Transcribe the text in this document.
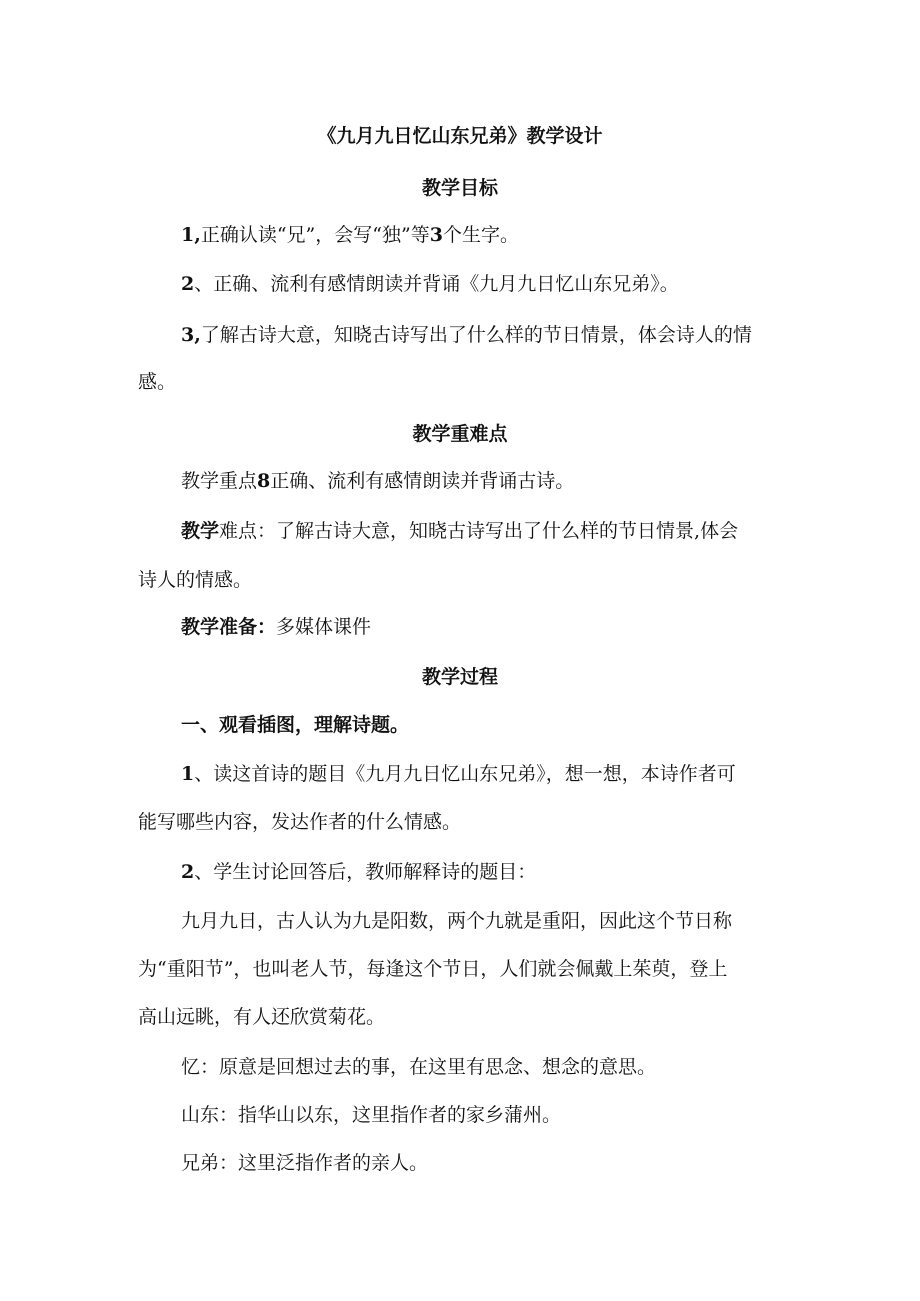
《九月九日忆山东兄弟》教学设计
教学目标
1,正确认读“兄”，会写“独”等3个生字。
2、正确、流利有感情朗读并背诵《九月九日忆山东兄弟》。
3,了解古诗大意，知晓古诗写出了什么样的节日情景，体会诗人的情
感。
教学重难点
教学重点8正确、流利有感情朗读并背诵古诗。
教学难点：了解古诗大意，知晓古诗写出了什么样的节日情景,体会
诗人的情感。
教学准备：多媒体课件
教学过程
一、观看插图，理解诗题。
1、读这首诗的题目《九月九日忆山东兄弟》，想一想，本诗作者可
能写哪些内容，发达作者的什么情感。
2、学生讨论回答后，教师解释诗的题目：
九月九日，古人认为九是阳数，两个九就是重阳，因此这个节日称
为“重阳节”，也叫老人节，每逢这个节日，人们就会佩戴上茱萸，登上
高山远眺，有人还欣赏菊花。
忆：原意是回想过去的事，在这里有思念、想念的意思。
山东：指华山以东，这里指作者的家乡蒲州。
兄弟：这里泛指作者的亲人。
